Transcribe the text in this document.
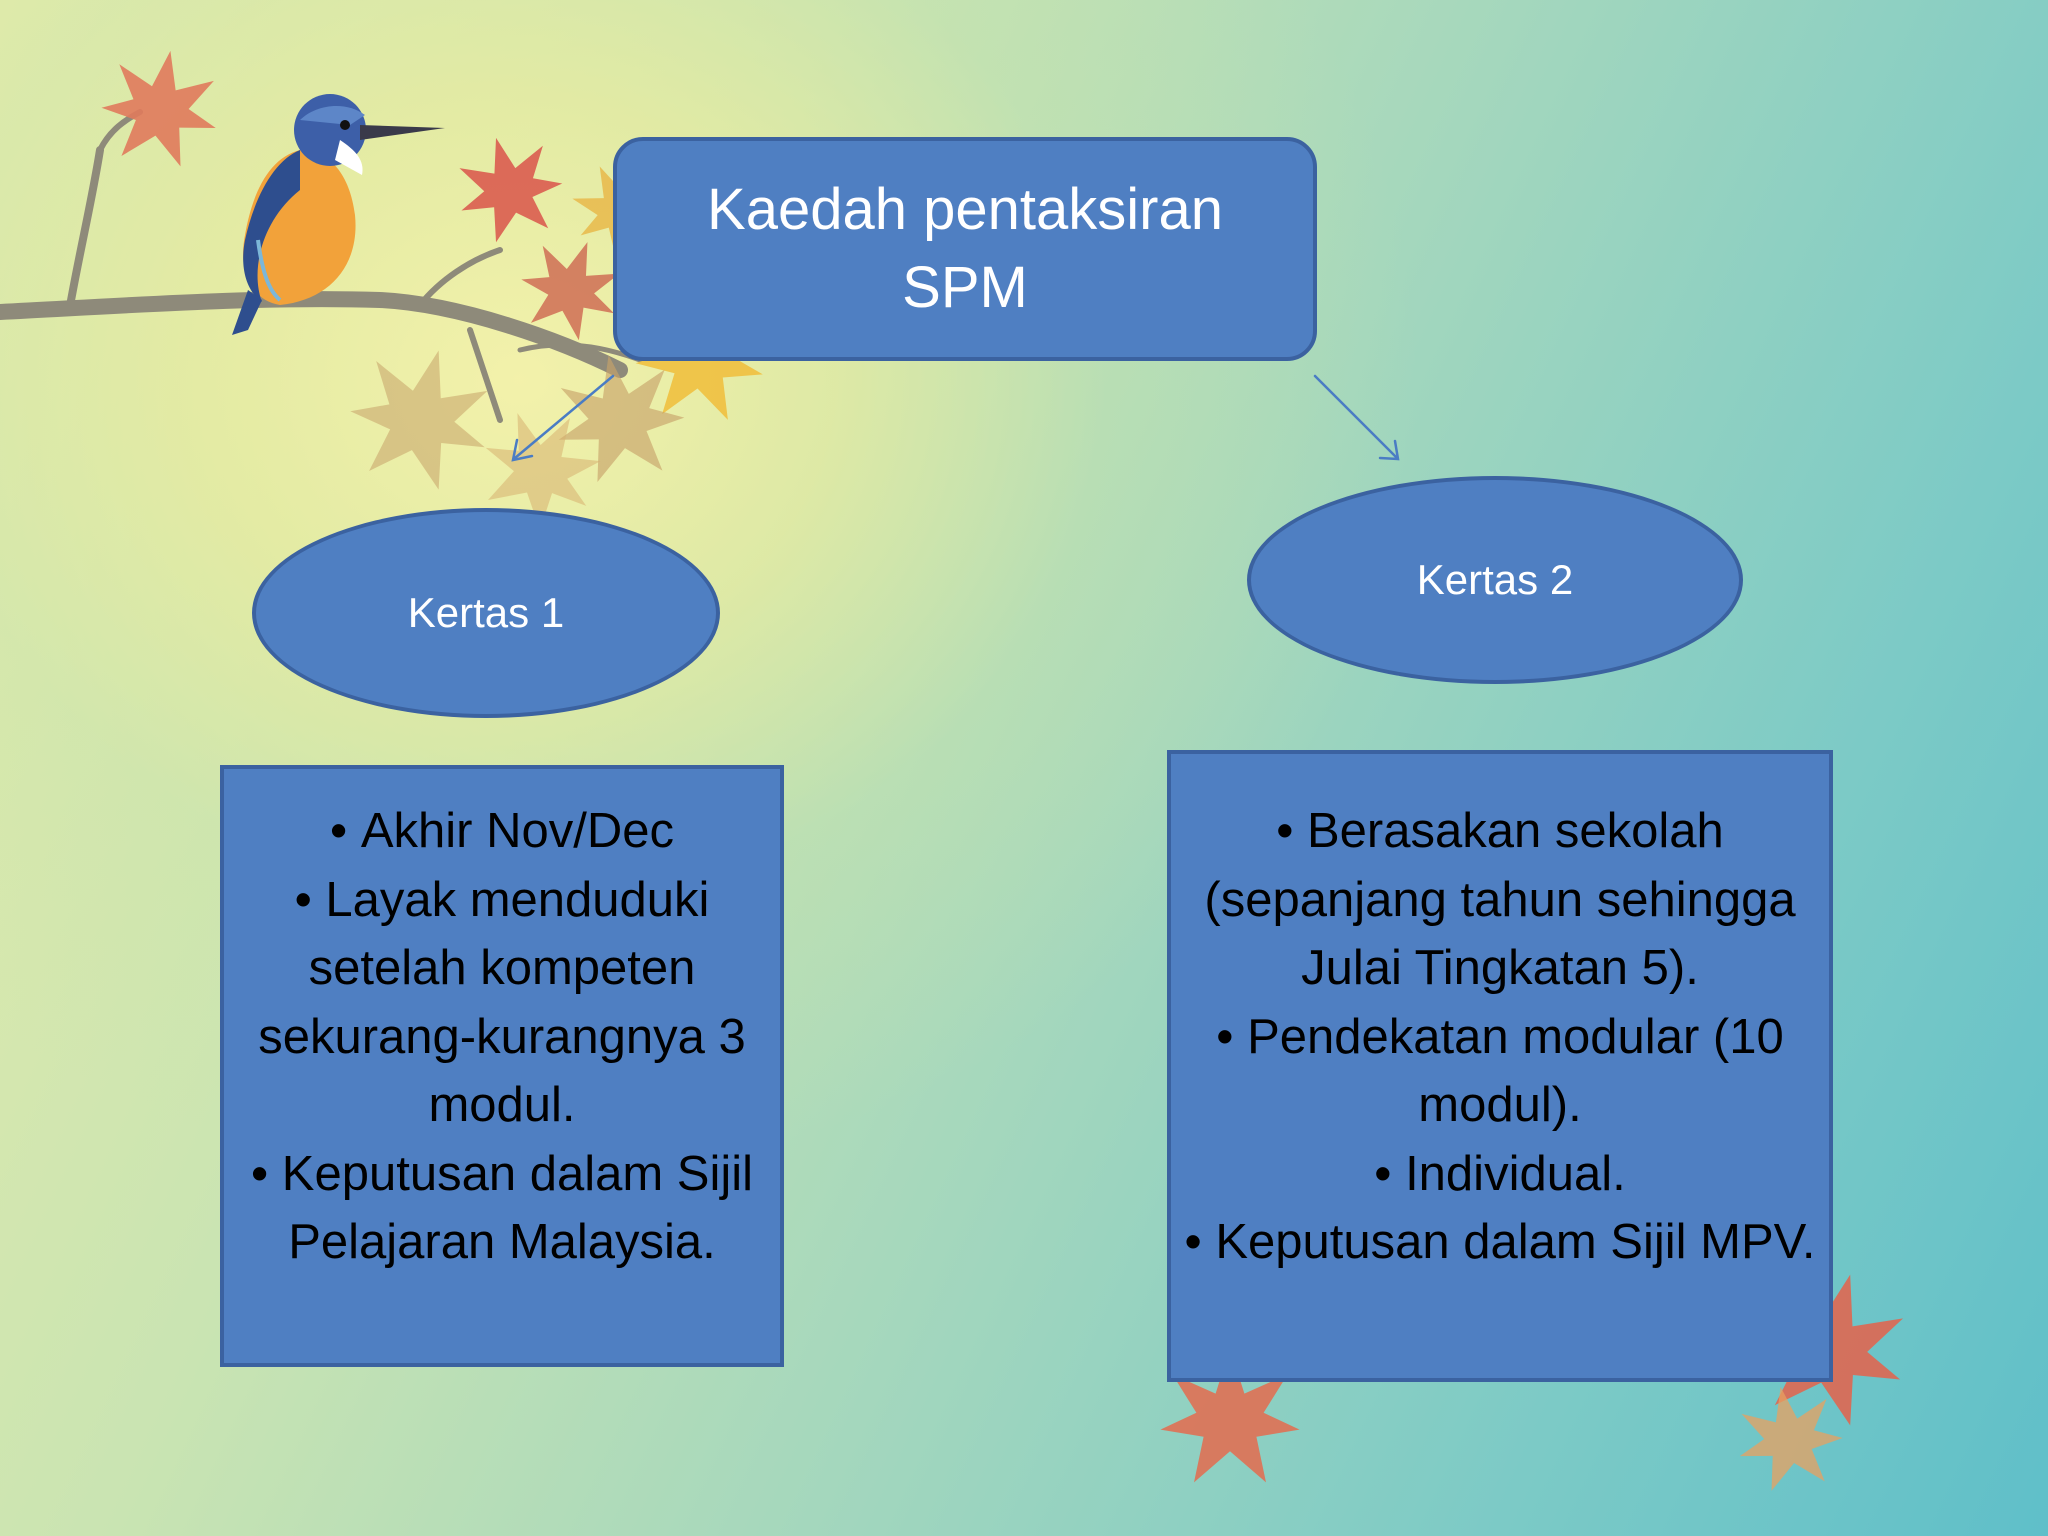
Kaedah pentaksiran
SPM
Kertas 1
Kertas 2
• Akhir Nov/Dec
• Layak menduduki setelah kompeten sekurang-kurangnya 3 modul.
• Keputusan dalam Sijil Pelajaran Malaysia.
• Berasakan sekolah (sepanjang tahun sehingga Julai Tingkatan 5).
• Pendekatan modular (10 modul).
• Individual.
• Keputusan dalam Sijil MPV.
